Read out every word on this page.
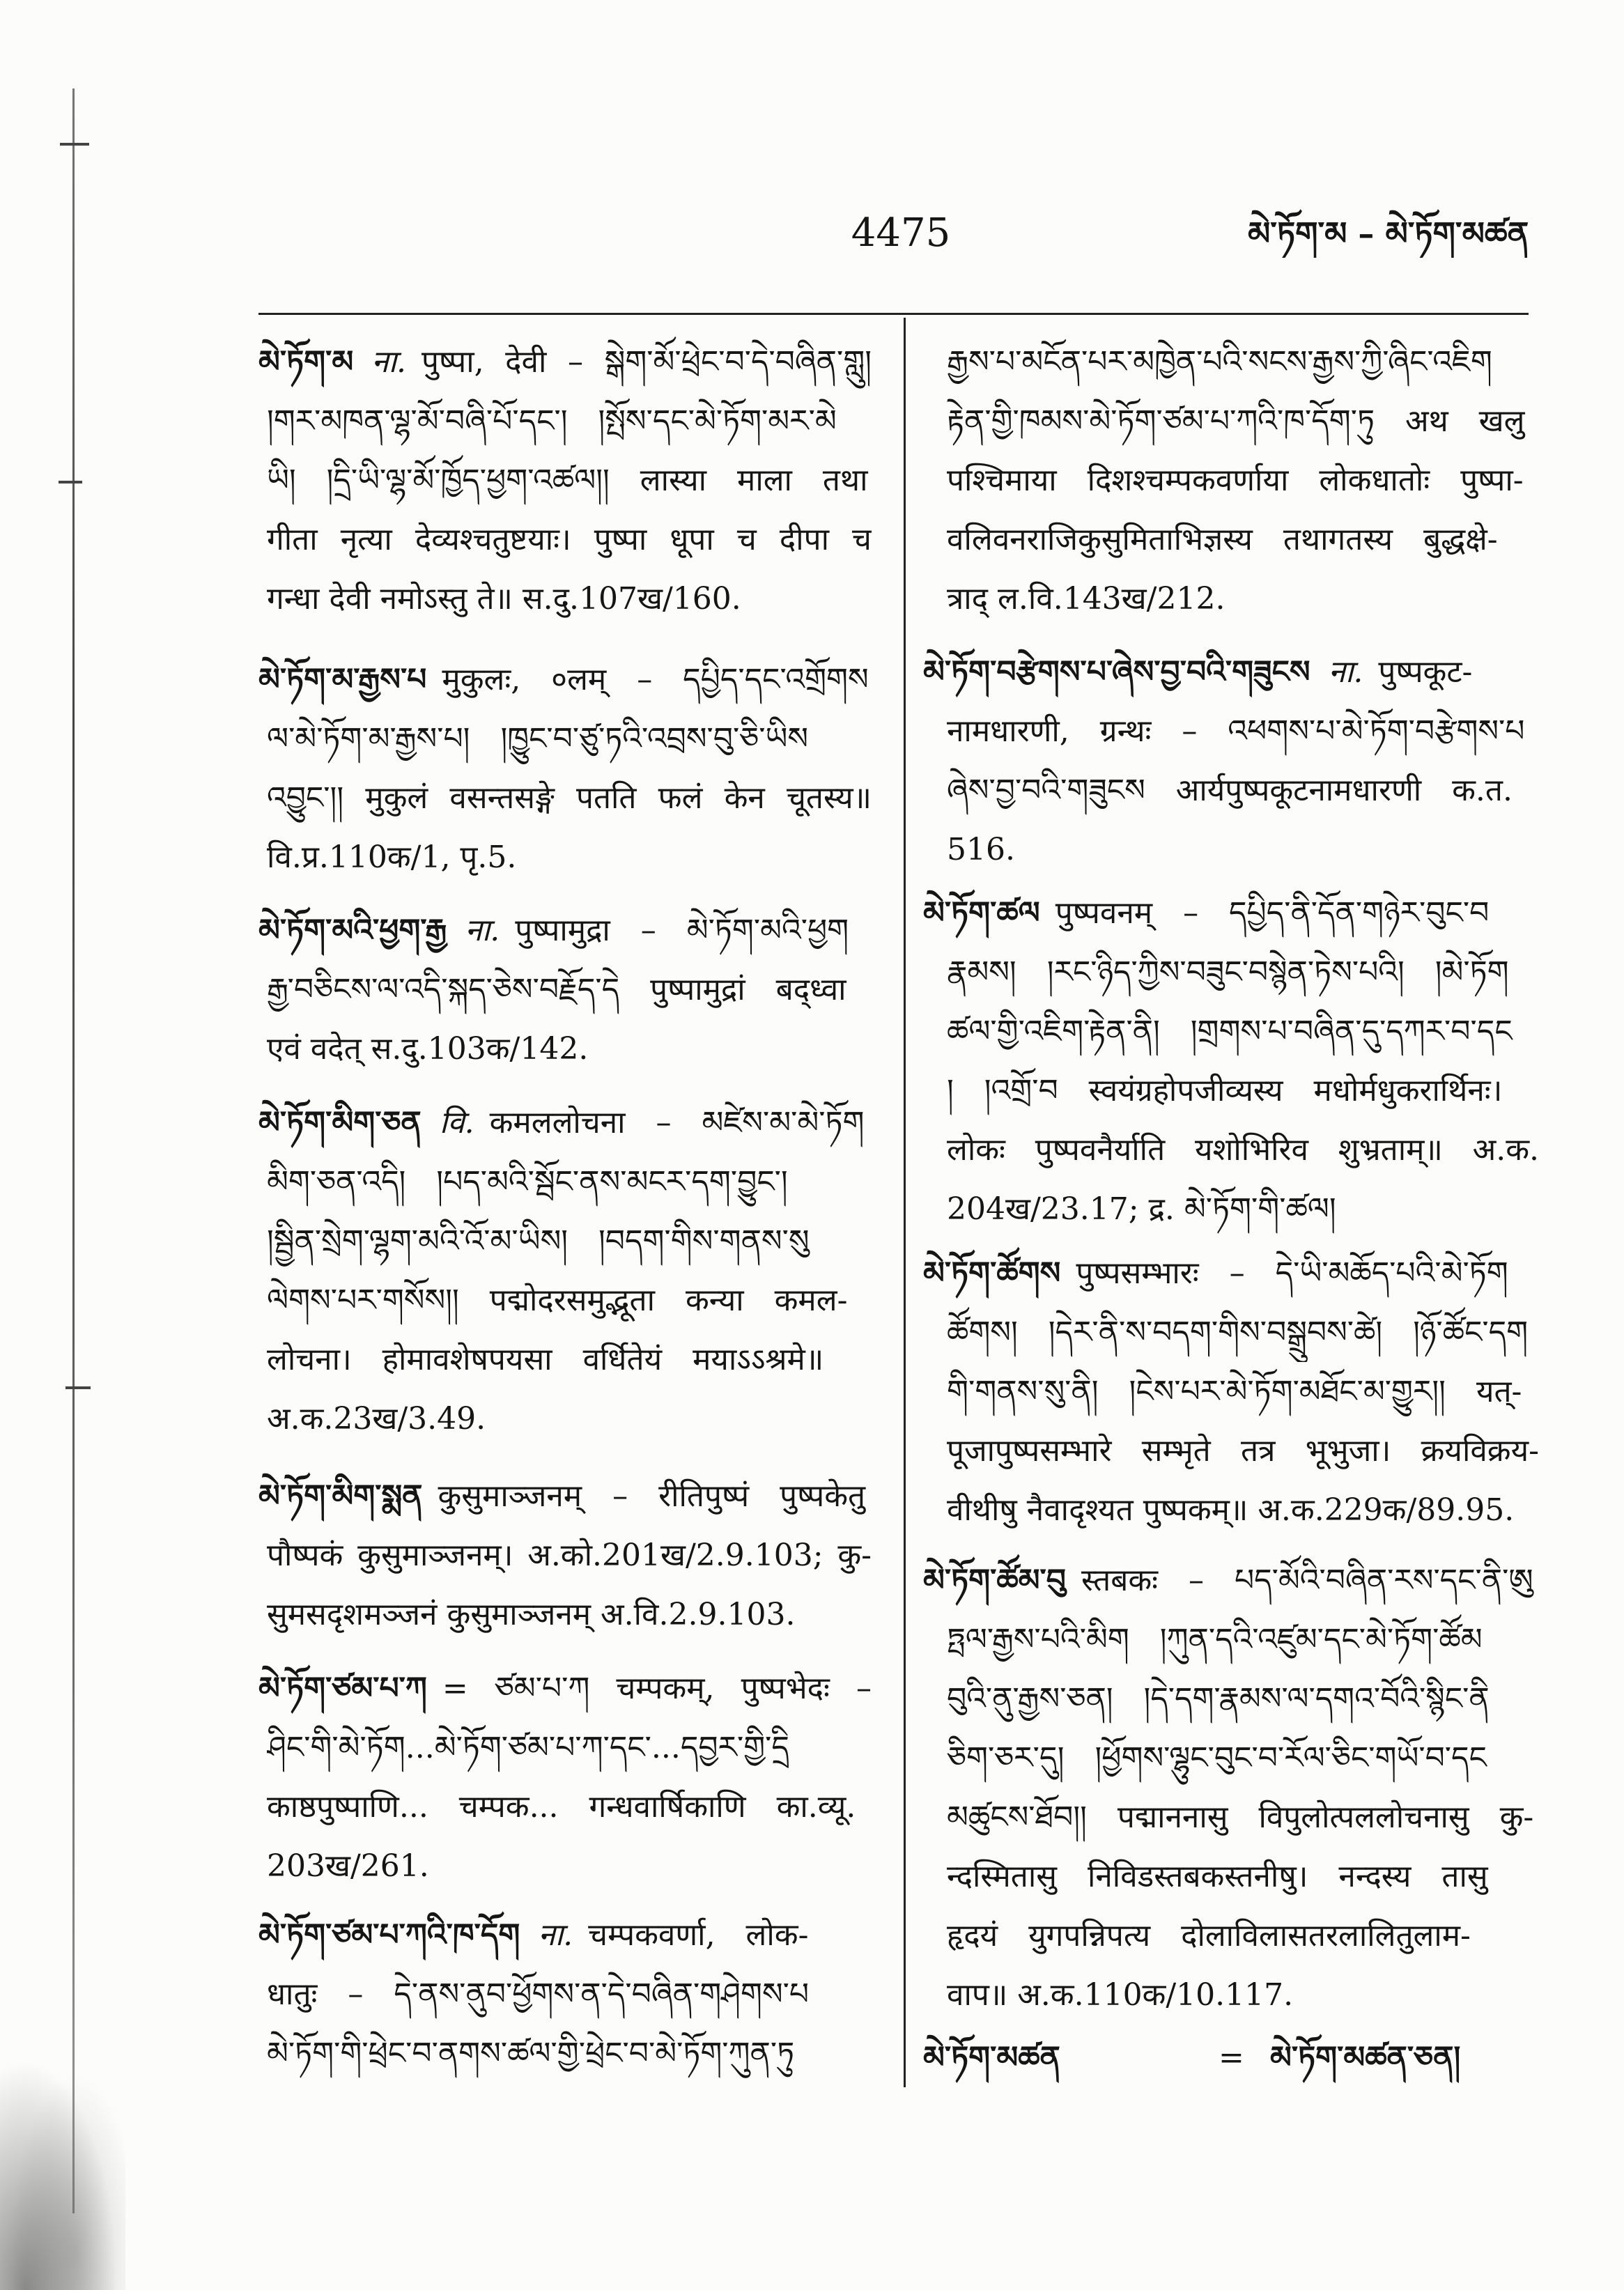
4475	མེ་ཏོག་མ – མེ་ཏོག་མཚན
མེ་ཏོག་མ ना. पुष्पा, देवी – སྒེག་མོ་ཕྲེང་བ་དེ་བཞིན་གླུ།
།གར་མཁན་ལྷ་མོ་བཞི་པོ་དང་། །སྤོས་དང་མེ་ཏོག་མར་མེ
ཡི། །དྲི་ཡི་ལྷ་མོ་ཁྱོད་ཕྱག་འཚལ།། लास्या माला तथा
गीता नृत्या देव्यश्चतुष्टयाः। पुष्पा धूपा च दीपा च
गन्धा देवी नमोऽस्तु ते॥ स.दु.107ख/160.
མེ་ཏོག་མ་རྒྱས་པ मुकुलः, ०लम् – དཔྱིད་དང་འགྲོགས
ལ་མེ་ཏོག་མ་རྒྱས་པ། །ཁྱུང་བ་ཙུ་ཏའི་འབྲས་བུ་ཅི་ཡིས
འབྱུང་།། मुकुलं वसन्तसङ्गे पतति फलं केन चूतस्य॥
वि.प्र.110क/1, पृ.5.
མེ་ཏོག་མའི་ཕྱག་རྒྱ ना. पुष्पामुद्रा – མེ་ཏོག་མའི་ཕྱག
རྒྱ་བཅིངས་ལ་འདི་སྐད་ཅེས་བརྗོད་དེ पुष्पामुद्रां बद्ध्वा
एवं वदेत् स.दु.103क/142.
མེ་ཏོག་མིག་ཅན वि. कमललोचना – མཛེས་མ་མེ་ཏོག
མིག་ཅན་འདི། །པད་མའི་སྦོང་ནས་མངར་དག་བྱུང་།
།སྦྱིན་སྲེག་ལྷག་མའི་འོ་མ་ཡིས། །བདག་གིས་གནས་སུ
ལེགས་པར་གསོས།། पद्मोदरसमुद्भूता कन्या कमल-
लोचना। होमावशेषपयसा वर्धितेयं मयाऽऽश्रमे॥
अ.क.23ख/3.49.
མེ་ཏོག་མིག་སྨན कुसुमाञ्जनम् – रीतिपुष्पं पुष्पकेतु
पौष्पकं कुसुमाञ्जनम्। अ.को.201ख/2.9.103; कु-
सुमसदृशमञ्जनं कुसुमाञ्जनम् अ.वि.2.9.103.
མེ་ཏོག་ཙམ་པ་ཀ = ཙམ་པ་ཀ चम्पकम्, पुष्पभेदः –
ཤིང་གི་མེ་ཏོག...མེ་ཏོག་ཙམ་པ་ཀ་དང་...དབྱར་གྱི་དྲི
काष्ठपुष्पाणि... चम्पक... गन्धवार्षिकाणि का.व्यू.
203ख/261.
མེ་ཏོག་ཙམ་པ་ཀའི་ཁ་དོག ना. चम्पकवर्णा, लोक-
धातुः – དེ་ནས་ནུབ་ཕྱོགས་ན་དེ་བཞིན་གཤེགས་པ
མེ་ཏོག་གི་ཕྲེང་བ་ནགས་ཚལ་གྱི་ཕྲེང་བ་མེ་ཏོག་ཀུན་ཏུ
རྒྱས་པ་མངོན་པར་མཁྱེན་པའི་སངས་རྒྱས་ཀྱི་ཞིང་འཇིག
རྟེན་གྱི་ཁམས་མེ་ཏོག་ཙམ་པ་ཀའི་ཁ་དོག་ཏུ अथ खलु
पश्चिमाया दिशश्चम्पकवर्णाया लोकधातोः पुष्पा-
वलिवनराजिकुसुमिताभिज्ञस्य तथागतस्य बुद्धक्षे-
त्राद् ल.वि.143ख/212.
མེ་ཏོག་བརྩེགས་པ་ཞེས་བྱ་བའི་གཟུངས ना. पुष्पकूट-
नामधारणी, ग्रन्थः – འཕགས་པ་མེ་ཏོག་བརྩེགས་པ
ཞེས་བྱ་བའི་གཟུངས आर्यपुष्पकूटनामधारणी क.त.
516.
མེ་ཏོག་ཚལ पुष्पवनम् – དཔྱིད་ནི་དོན་གཉེར་བུང་བ
རྣམས། །རང་ཉིད་ཀྱིས་བཟུང་བསྙེན་ཏེས་པའི། །མེ་ཏོག
ཚལ་གྱི་འཇིག་རྟེན་ནི། །གྲགས་པ་བཞིན་དུ་དཀར་བ་དང
། །འགྲོ་བ स्वयंग्रहोपजीव्यस्य मधोर्मधुकरार्थिनः।
लोकः पुष्पवनैर्याति यशोभिरिव शुभ्रताम्॥ अ.क.
204ख/23.17; द्र. མེ་ཏོག་གི་ཚལ།
མེ་ཏོག་ཚོགས पुष्पसम्भारः – དེ་ཡི་མཆོད་པའི་མེ་ཏོག
ཚོགས། །དེར་ནི་ས་བདག་གིས་བསྒྲུབས་ཚེ། །ཉོ་ཚོང་དག
གི་གནས་སུ་ནི། །ངེས་པར་མེ་ཏོག་མཐོང་མ་གྱུར།། यत्-
पूजापुष्पसम्भारे सम्भृते तत्र भूभुजा। क्रयविक्रय-
वीथीषु नैवादृश्यत पुष्पकम्॥ अ.क.229क/89.95.
མེ་ཏོག་ཚོམ་བུ स्तबकः – པད་མོའི་བཞིན་རས་དང་ནི་ཨུ
ཏྤལ་རྒྱས་པའི་མིག །ཀུན་དའི་འཛུམ་དང་མེ་ཏོག་ཚོམ
བུའི་ནུ་རྒྱས་ཅན། །དེ་དག་རྣམས་ལ་དགའ་བོའི་སྙིང་ནི
ཅིག་ཅར་དུ། །ཕྱོགས་ལྷུང་བུང་བ་རོལ་ཅིང་གཡོ་བ་དང
མཚུངས་ཐོབ།། पद्माननासु विपुलोत्पललोचनासु कु-
न्दस्मितासु निविडस्तबकस्तनीषु। नन्दस्य तासु
हृदयं युगपन्निपत्य दोलाविलासतरलालितुलाम-
वाप॥ अ.क.110क/10.117.
མེ་ཏོག་མཚན	= མེ་ཏོག་མཚན་ཅན།
